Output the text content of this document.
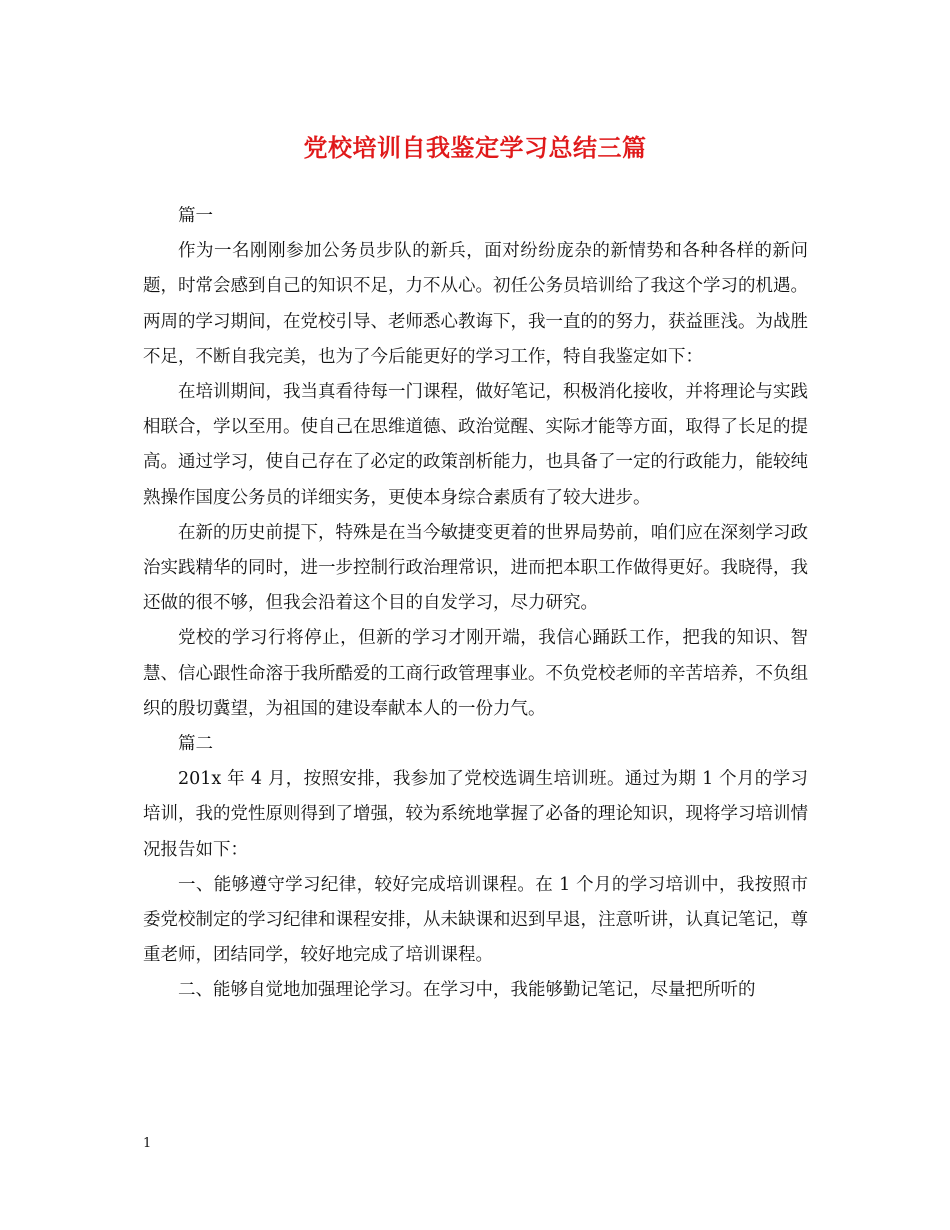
党校培训自我鉴定学习总结三篇

篇一

作为一名刚刚参加公务员步队的新兵，面对纷纷庞杂的新情势和各种各样的新问题，时常会感到自己的知识不足，力不从心。初任公务员培训给了我这个学习的机遇。两周的学习期间，在党校引导、老师悉心教诲下，我一直的的努力，获益匪浅。为战胜不足，不断自我完美，也为了今后能更好的学习工作，特自我鉴定如下：

在培训期间，我当真看待每一门课程，做好笔记，积极消化接收，并将理论与实践相联合，学以至用。使自己在思维道德、政治觉醒、实际才能等方面，取得了长足的提高。通过学习，使自己存在了必定的政策剖析能力，也具备了一定的行政能力，能较纯熟操作国度公务员的详细实务，更使本身综合素质有了较大进步。

在新的历史前提下，特殊是在当今敏捷变更着的世界局势前，咱们应在深刻学习政治实践精华的同时，进一步控制行政治理常识，进而把本职工作做得更好。我晓得，我还做的很不够，但我会沿着这个目的自发学习，尽力研究。

党校的学习行将停止，但新的学习才刚开端，我信心踊跃工作，把我的知识、智慧、信心跟性命溶于我所酷爱的工商行政管理事业。不负党校老师的辛苦培养，不负组织的殷切冀望，为祖国的建设奉献本人的一份力气。

篇二

201x 年 4 月，按照安排，我参加了党校选调生培训班。通过为期 1 个月的学习培训，我的党性原则得到了增强，较为系统地掌握了必备的理论知识，现将学习培训情况报告如下：

一、能够遵守学习纪律，较好完成培训课程。在 1 个月的学习培训中，我按照市委党校制定的学习纪律和课程安排，从未缺课和迟到早退，注意听讲，认真记笔记，尊重老师，团结同学，较好地完成了培训课程。

二、能够自觉地加强理论学习。在学习中，我能够勤记笔记，尽量把所听的

1
